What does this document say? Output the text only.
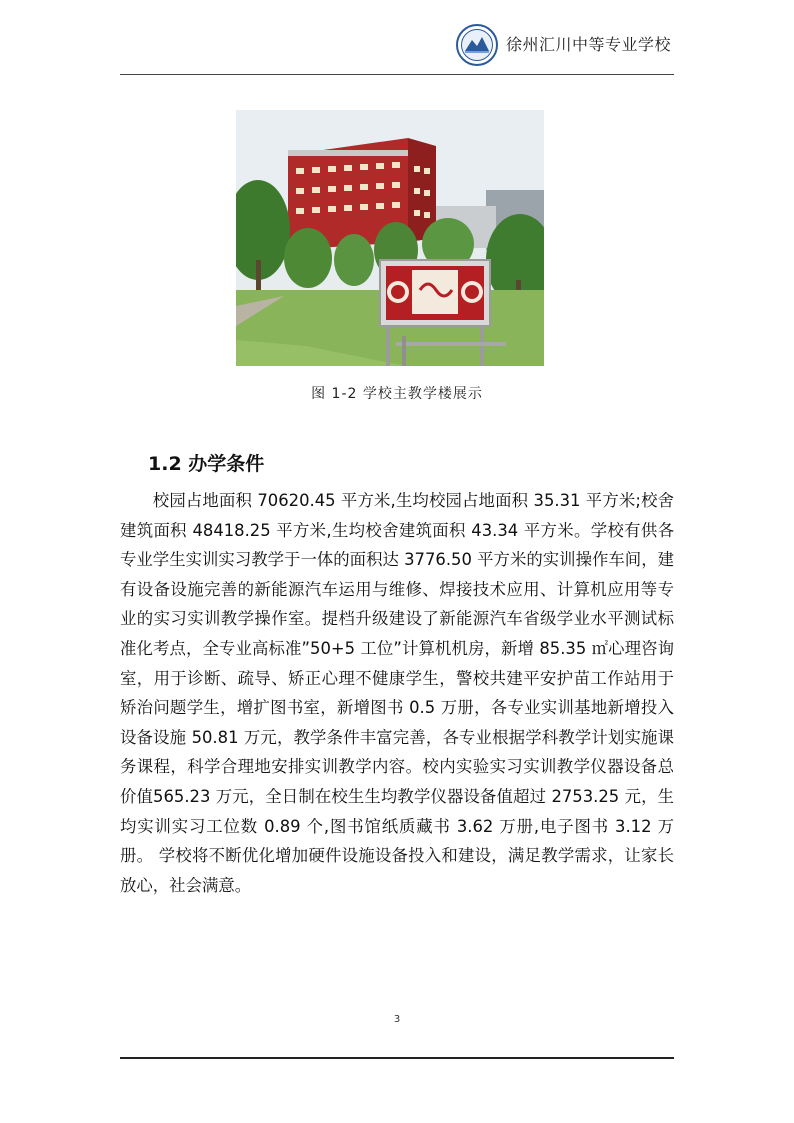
徐州汇川中等专业学校
图 1-2 学校主教学楼展示
1.2 办学条件
校园占地面积 70620.45 平方米,生均校园占地面积 35.31 平方米;校舍建筑面积 48418.25 平方米,生均校舍建筑面积 43.34 平方米。学校有供各专业学生实训实习教学于一体的面积达 3776.50 平方米的实训操作车间，建有设备设施完善的新能源汽车运用与维修、焊接技术应用、计算机应用等专业的实习实训教学操作室。提档升级建设了新能源汽车省级学业水平测试标准化考点，全专业高标准”50+5 工位”计算机机房，新增 85.35 ㎡心理咨询室，用于诊断、疏导、矫正心理不健康学生，警校共建平安护苗工作站用于矫治问题学生，增扩图书室，新增图书 0.5 万册，各专业实训基地新增投入设备设施 50.81 万元，教学条件丰富完善，各专业根据学科教学计划实施课务课程，科学合理地安排实训教学内容。校内实验实习实训教学仪器设备总价值565.23 万元，全日制在校生生均教学仪器设备值超过 2753.25 元，生均实训实习工位数 0.89 个,图书馆纸质藏书 3.62 万册,电子图书 3.12 万册。 学校将不断优化增加硬件设施设备投入和建设，满足教学需求，让家长放心，社会满意。
3
